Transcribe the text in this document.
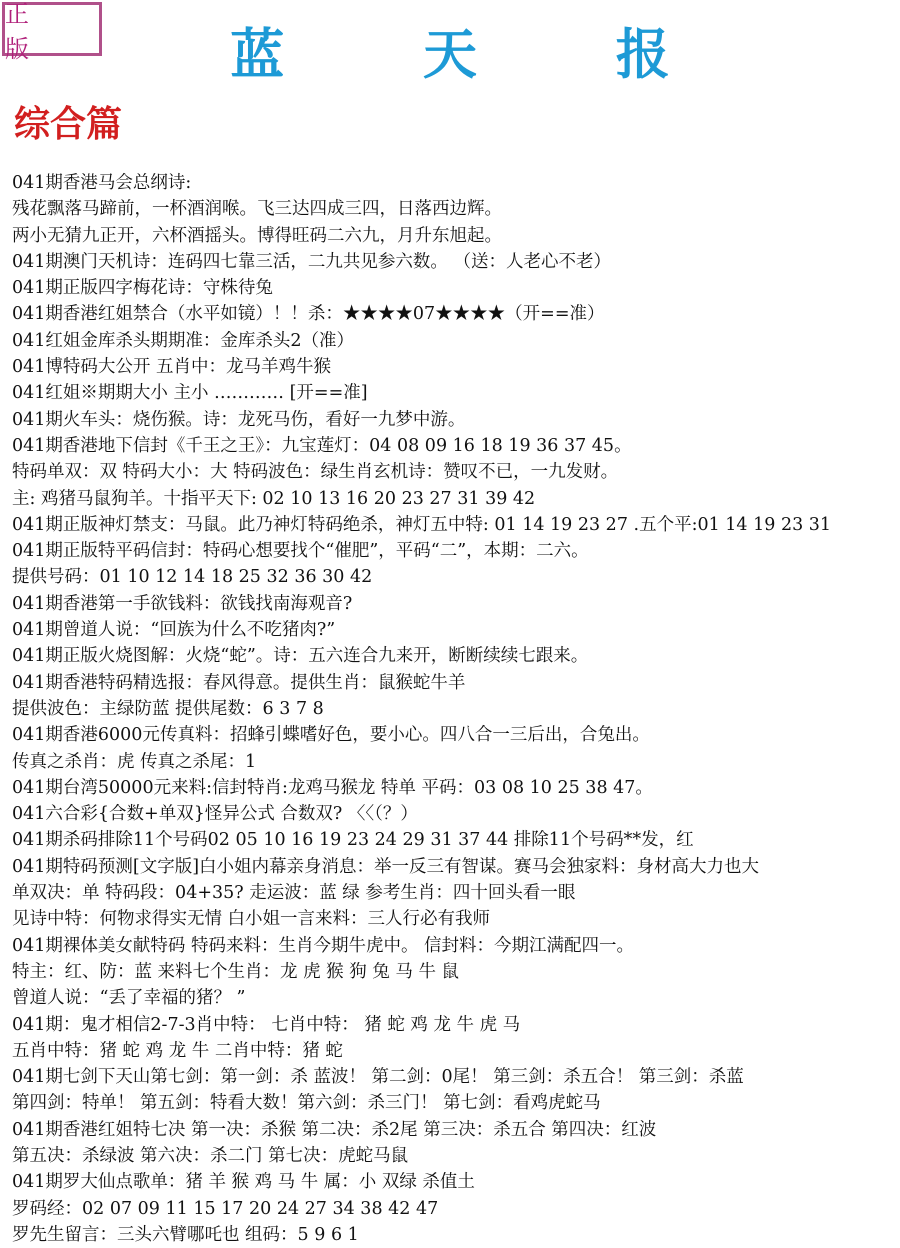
正 版	蓝 天 报
综合篇
041期香港马会总纲诗:
残花飘落马蹄前，一杯酒润喉。飞三达四成三四，日落西边辉。
两小无猜九正开，六杯酒摇头。博得旺码二六九，月升东旭起。
041期澳门天机诗：连码四七靠三活，二九共见参六数。 （送：人老心不老）
041期正版四字梅花诗：守株待兔
041期香港红姐禁合（水平如镜）！！杀：★★★★07★★★★（开==准）
041红姐金库杀头期期准：金库杀头2（准）
041博特码大公开 五肖中：龙马羊鸡牛猴
041红姐※期期大小 主小 ………… [开==准]
041期火车头：烧伤猴。诗：龙死马伤，看好一九梦中游。
041期香港地下信封《千王之王》：九宝莲灯：04 08 09 16 18 19 36 37 45。
特码单双：双 特码大小：大 特码波色：绿生肖玄机诗：赞叹不已，一九发财。
主: 鸡猪马鼠狗羊。十指平天下: 02 10 13 16 20 23 27 31 39 42
041期正版神灯禁支：马鼠。此乃神灯特码绝杀，神灯五中特: 01 14 19 23 27 .五个平:01 14 19 23 31
041期正版特平码信封：特码心想要找个“催肥”，平码“二”，本期：二六。
提供号码：01 10 12 14 18 25 32 36 30 42
041期香港第一手欲钱料：欲钱找南海观音?
041期曾道人说：“回族为什么不吃猪肉?”
041期正版火烧图解：火烧“蛇”。诗：五六连合九来开，断断续续七跟来。
041期香港特码精选报：春风得意。提供生肖：鼠猴蛇牛羊
提供波色：主绿防蓝 提供尾数：6 3 7 8
041期香港6000元传真料：招蜂引蝶嗜好色，要小心。四八合一三后出，合兔出。
传真之杀肖：虎 传真之杀尾：1
041期台湾50000元来料:信封特肖:龙鸡马猴龙 特单 平码：03 08 10 25 38 47。
041六合彩{合数+单双}怪异公式 合数双? 〈〈（？）
041期杀码排除11个号码02 05 10 16 19 23 24 29 31 37 44 排除11个号码**发，红
041期特码预测[文字版]白小姐内幕亲身消息：举一反三有智谋。赛马会独家料：身材高大力也大
单双决：单 特码段：04+35? 走运波：蓝 绿 参考生肖：四十回头看一眼
见诗中特：何物求得实无情 白小姐一言来料：三人行必有我师
041期裸体美女献特码 特码来料：生肖今期牛虎中。 信封料：今期江满配四一。
特主：红、防：蓝 来料七个生肖：龙 虎 猴 狗 兔 马 牛 鼠
曾道人说：“丢了幸福的猪？ ”
041期：鬼才相信2-7-3肖中特： 七肖中特： 猪 蛇 鸡 龙 牛 虎 马
五肖中特：猪 蛇 鸡 龙 牛 二肖中特：猪 蛇
041期七剑下天山第七剑：第一剑：杀 蓝波！ 第二剑：0尾！ 第三剑：杀五合！ 第三剑：杀蓝
第四剑：特单！ 第五剑：特看大数！第六剑：杀三门！ 第七剑：看鸡虎蛇马
041期香港红姐特七决 第一决：杀猴 第二决：杀2尾 第三决：杀五合 第四决：红波
第五决：杀绿波 第六决：杀二门 第七决：虎蛇马鼠
041期罗大仙点歌单：猪 羊 猴 鸡 马 牛 属：小 双绿 杀值土
罗码经：02 07 09 11 15 17 20 24 27 34 38 42 47
罗先生留言：三头六臂哪吒也 组码：5 9 6 1
